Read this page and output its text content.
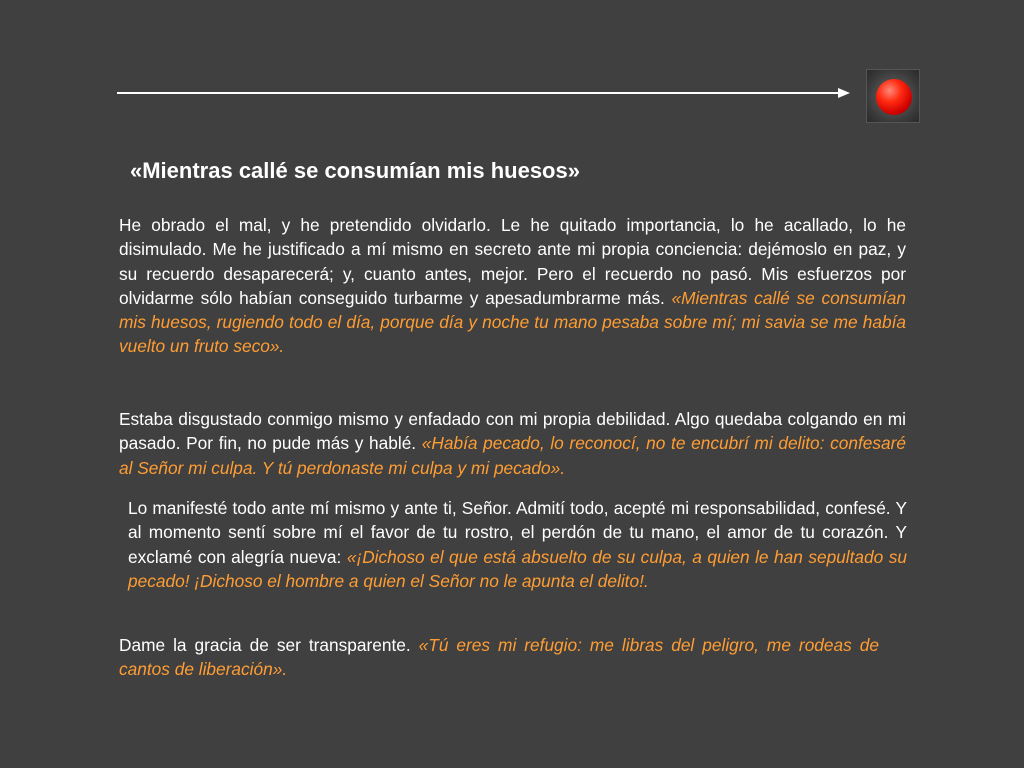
«Mientras callé se consumían mis huesos»

He obrado el mal, y he pretendido olvidarlo. Le he quitado importancia, lo he acallado, lo he disimulado. Me he justificado a mí mismo en secreto ante mi propia conciencia: dejémoslo en paz, y su recuerdo desaparecerá; y, cuanto antes, mejor. Pero el recuerdo no pasó. Mis esfuerzos por olvidarme sólo habían conseguido turbarme y apesadumbrarme más. «Mientras callé se consumían mis huesos, rugiendo todo el día, porque día y noche tu mano pesaba sobre mí; mi savia se me había vuelto un fruto seco».

Estaba disgustado conmigo mismo y enfadado con mi propia debilidad. Algo quedaba colgando en mi pasado. Por fin, no pude más y hablé. «Había pecado, lo reconocí, no te encubrí mi delito: confesaré al Señor mi culpa. Y tú perdonaste mi culpa y mi pecado».

Lo manifesté todo ante mí mismo y ante ti, Señor. Admití todo, acepté mi responsabilidad, confesé. Y al momento sentí sobre mí el favor de tu rostro, el perdón de tu mano, el amor de tu corazón. Y exclamé con alegría nueva: «¡Dichoso el que está absuelto de su culpa, a quien le han sepultado su pecado! ¡Dichoso el hombre a quien el Señor no le apunta el delito!.

Dame la gracia de ser transparente. «Tú eres mi refugio: me libras del peligro, me rodeas de cantos de liberación».
